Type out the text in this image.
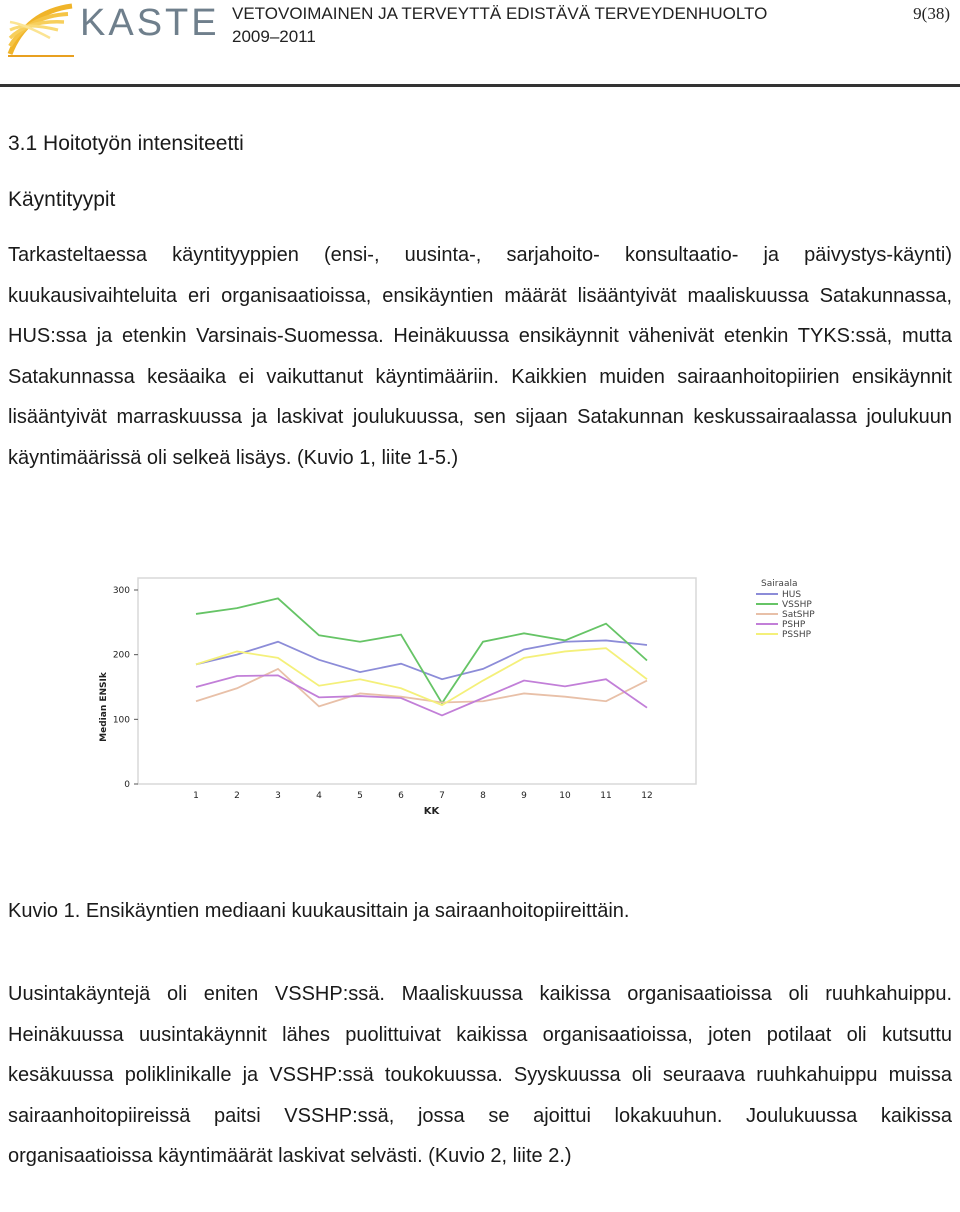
KASTE VETOVOIMAINEN JA TERVEYTTÄ EDISTÄVÄ TERVEYDENHUOLTO
2009–2011
9(38)
3.1 Hoitotyön intensiteetti
Käyntityypit

Tarkasteltaessa käyntityyppien (ensi-, uusinta-, sarjahoito- konsultaatio- ja päivystys-käynti) kuukausivaihteluita eri organisaatioissa, ensikäyntien määrät lisääntyivät maaliskuussa Satakunnassa, HUS:ssa ja etenkin Varsinais-Suomessa. Heinäkuussa ensikäynnit vähenivät etenkin TYKS:ssä, mutta Satakunnassa kesäaika ei vaikuttanut käyntimääriin. Kaikkien muiden sairaanhoitopiirien ensikäynnit lisääntyivät marraskuussa ja laskivat joulukuussa, sen sijaan Satakunnan keskussairaalassa joulukuun käyntimäärissä oli selkeä lisäys. (Kuvio 1, liite 1-5.)

0
100
200
300
1	2	3	4	5	6	7	8	9	10	11	12
KK
Median ENSIk
Sairaala
HUS
VSSHP
SatSHP
PSHP
PSSHP
Kuvio 1. Ensikäyntien mediaani kuukausittain ja sairaanhoitopiireittäin.

Uusintakäyntejä oli eniten VSSHP:ssä. Maaliskuussa kaikissa organisaatioissa oli ruuhkahuippu. Heinäkuussa uusintakäynnit lähes puolittuivat kaikissa organisaatioissa, joten potilaat oli kutsuttu kesäkuussa poliklinikalle ja VSSHP:ssä toukokuussa. Syyskuussa oli seuraava ruuhkahuippu muissa sairaanhoitopiireissä paitsi VSSHP:ssä, jossa se ajoittui lokakuuhun. Joulukuussa kaikissa organisaatioissa käyntimäärät laskivat selvästi. (Kuvio 2, liite 2.)
